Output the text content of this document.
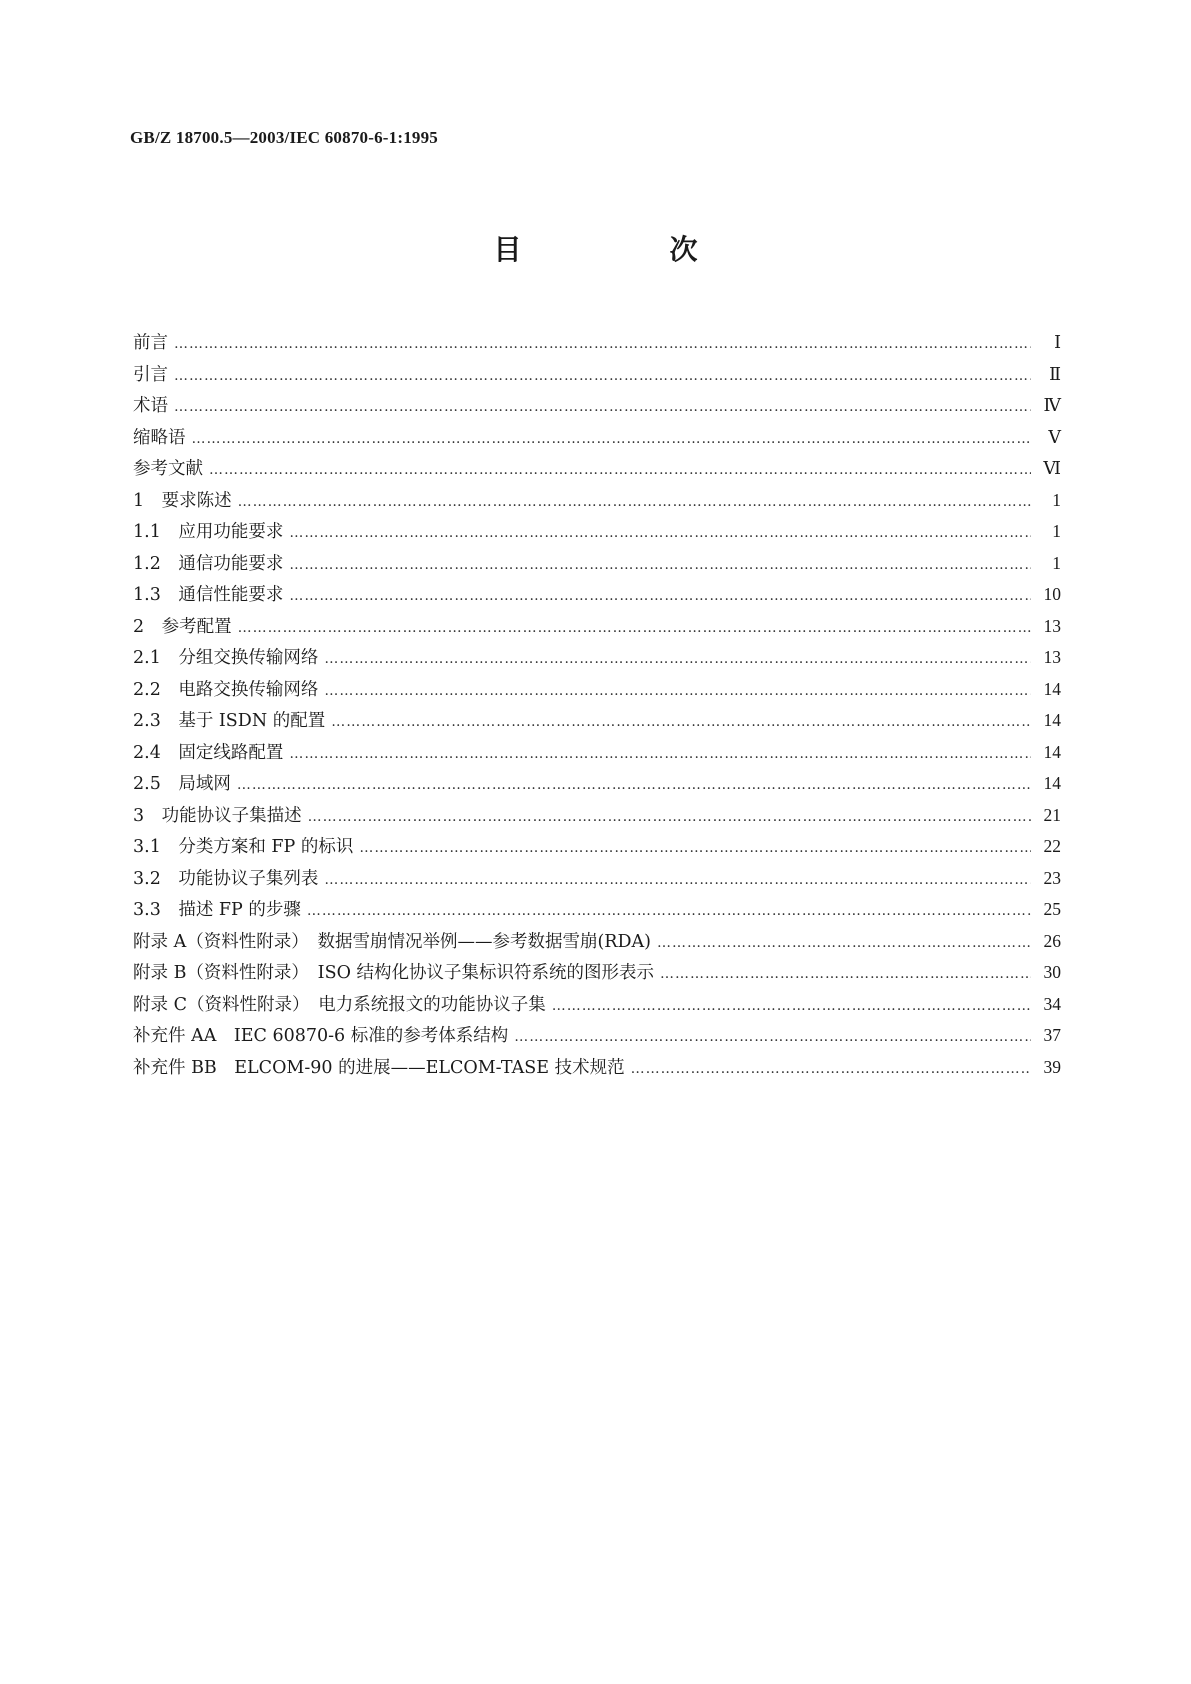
GB/Z 18700.5—2003/IEC 60870-6-1:1995
目　次
前言 …………………………………………………………………………………………………………………………………………………………………………………………………………………………	Ⅰ
引言 …………………………………………………………………………………………………………………………………………………………………………………………………………………………	Ⅱ
术语 …………………………………………………………………………………………………………………………………………………………………………………………………………………………	Ⅳ
缩略语 …………………………………………………………………………………………………………………………………………………………………………………………………………………………	Ⅴ
参考文献 …………………………………………………………………………………………………………………………………………………………………………………………………………………………	Ⅵ
1　要求陈述 …………………………………………………………………………………………………………………………………………………………………………………………………………………………	1
1.1　应用功能要求 …………………………………………………………………………………………………………………………………………………………………………………………………………………………	1
1.2　通信功能要求 …………………………………………………………………………………………………………………………………………………………………………………………………………………………	1
1.3　通信性能要求 …………………………………………………………………………………………………………………………………………………………………………………………………………………………	10
2　参考配置 …………………………………………………………………………………………………………………………………………………………………………………………………………………………	13
2.1　分组交换传输网络 …………………………………………………………………………………………………………………………………………………………………………………………………………………………	13
2.2　电路交换传输网络 …………………………………………………………………………………………………………………………………………………………………………………………………………………………	14
2.3　基于 ISDN 的配置 …………………………………………………………………………………………………………………………………………………………………………………………………………………………	14
2.4　固定线路配置 …………………………………………………………………………………………………………………………………………………………………………………………………………………………	14
2.5　局域网 …………………………………………………………………………………………………………………………………………………………………………………………………………………………	14
3　功能协议子集描述 …………………………………………………………………………………………………………………………………………………………………………………………………………………………	21
3.1　分类方案和 FP 的标识 …………………………………………………………………………………………………………………………………………………………………………………………………………………………	22
3.2　功能协议子集列表 …………………………………………………………………………………………………………………………………………………………………………………………………………………………	23
3.3　描述 FP 的步骤 …………………………………………………………………………………………………………………………………………………………………………………………………………………………	25
附录 A（资料性附录）　数据雪崩情况举例——参考数据雪崩(RDA) …………………………………………………………………………………………………………………………………………………………………………………………………………………………	26
附录 B（资料性附录）　ISO 结构化协议子集标识符系统的图形表示 …………………………………………………………………………………………………………………………………………………………………………………………………………………………	30
附录 C（资料性附录）　电力系统报文的功能协议子集 …………………………………………………………………………………………………………………………………………………………………………………………………………………………	34
补充件 AA　IEC 60870-6 标准的参考体系结构 …………………………………………………………………………………………………………………………………………………………………………………………………………………………	37
补充件 BB　ELCOM-90 的进展——ELCOM-TASE 技术规范 …………………………………………………………………………………………………………………………………………………………………………………………………………………………	39
